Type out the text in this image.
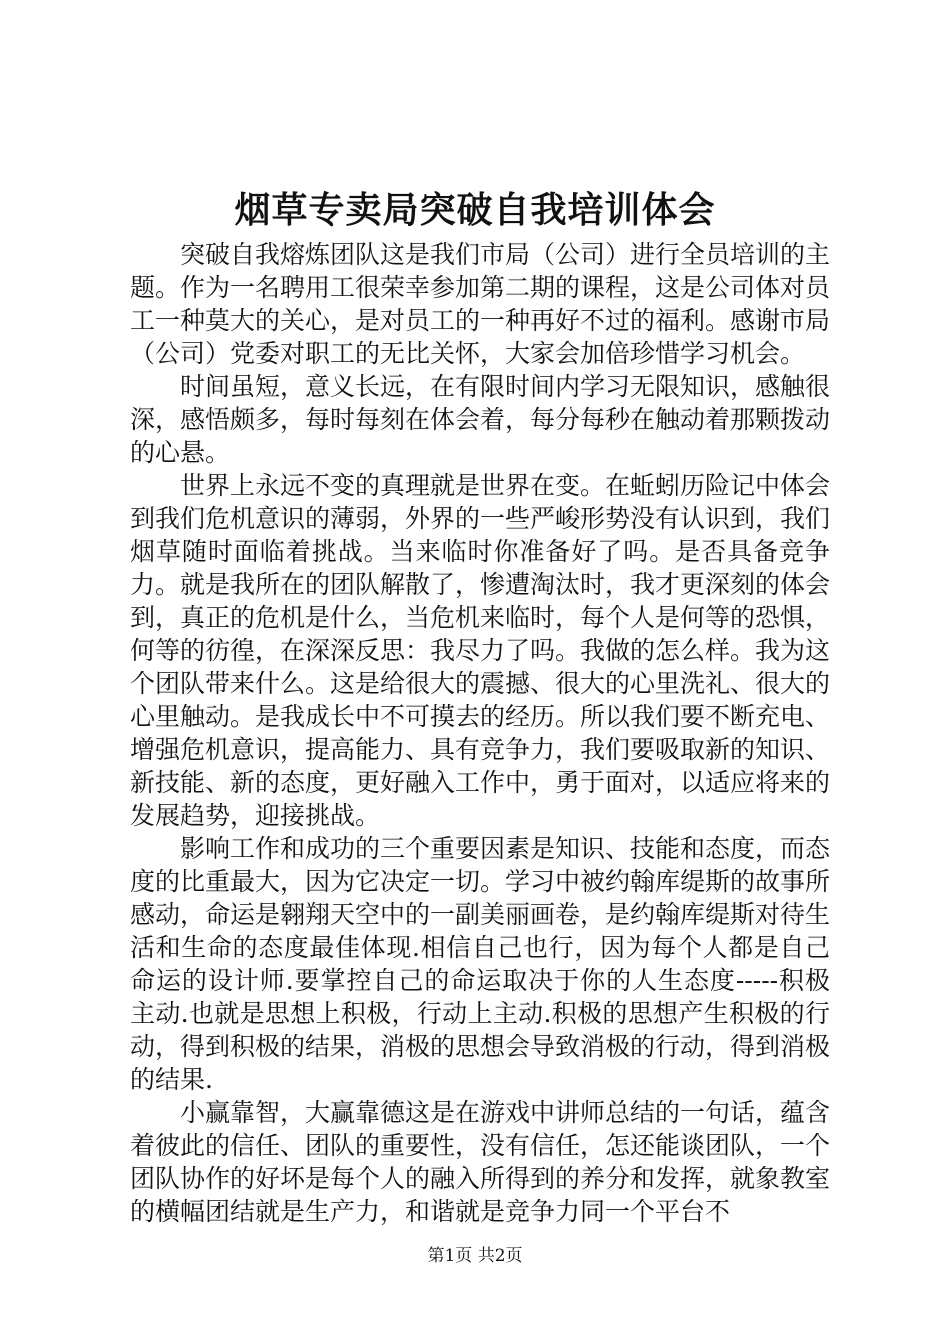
烟草专卖局突破自我培训体会

突破自我熔炼团队这是我们市局（公司）进行全员培训的主题。作为一名聘用工很荣幸参加第二期的课程，这是公司体对员工一种莫大的关心，是对员工的一种再好不过的福利。感谢市局（公司）党委对职工的无比关怀，大家会加倍珍惜学习机会。

时间虽短，意义长远，在有限时间内学习无限知识，感触很深，感悟颇多，每时每刻在体会着，每分每秒在触动着那颗拨动的心悬。

世界上永远不变的真理就是世界在变。在蚯蚓历险记中体会到我们危机意识的薄弱，外界的一些严峻形势没有认识到，我们烟草随时面临着挑战。当来临时你准备好了吗。是否具备竞争力。就是我所在的团队解散了，惨遭淘汰时，我才更深刻的体会到，真正的危机是什么，当危机来临时，每个人是何等的恐惧，何等的彷徨，在深深反思：我尽力了吗。我做的怎么样。我为这个团队带来什么。这是给很大的震撼、很大的心里洗礼、很大的心里触动。是我成长中不可摸去的经历。所以我们要不断充电、增强危机意识，提高能力、具有竞争力，我们要吸取新的知识、新技能、新的态度，更好融入工作中，勇于面对，以适应将来的发展趋势，迎接挑战。

影响工作和成功的三个重要因素是知识、技能和态度，而态度的比重最大，因为它决定一切。学习中被约翰库缇斯的故事所感动，命运是翱翔天空中的一副美丽画卷，是约翰库缇斯对待生活和生命的态度最佳体现.相信自己也行，因为每个人都是自己命运的设计师.要掌控自己的命运取决于你的人生态度-----积极主动.也就是思想上积极，行动上主动.积极的思想产生积极的行动，得到积极的结果，消极的思想会导致消极的行动，得到消极的结果.

小赢靠智，大赢靠德这是在游戏中讲师总结的一句话，蕴含着彼此的信任、团队的重要性，没有信任，怎还能谈团队，一个团队协作的好坏是每个人的融入所得到的养分和发挥，就象教室的横幅团结就是生产力，和谐就是竞争力同一个平台不

第1页 共2页
